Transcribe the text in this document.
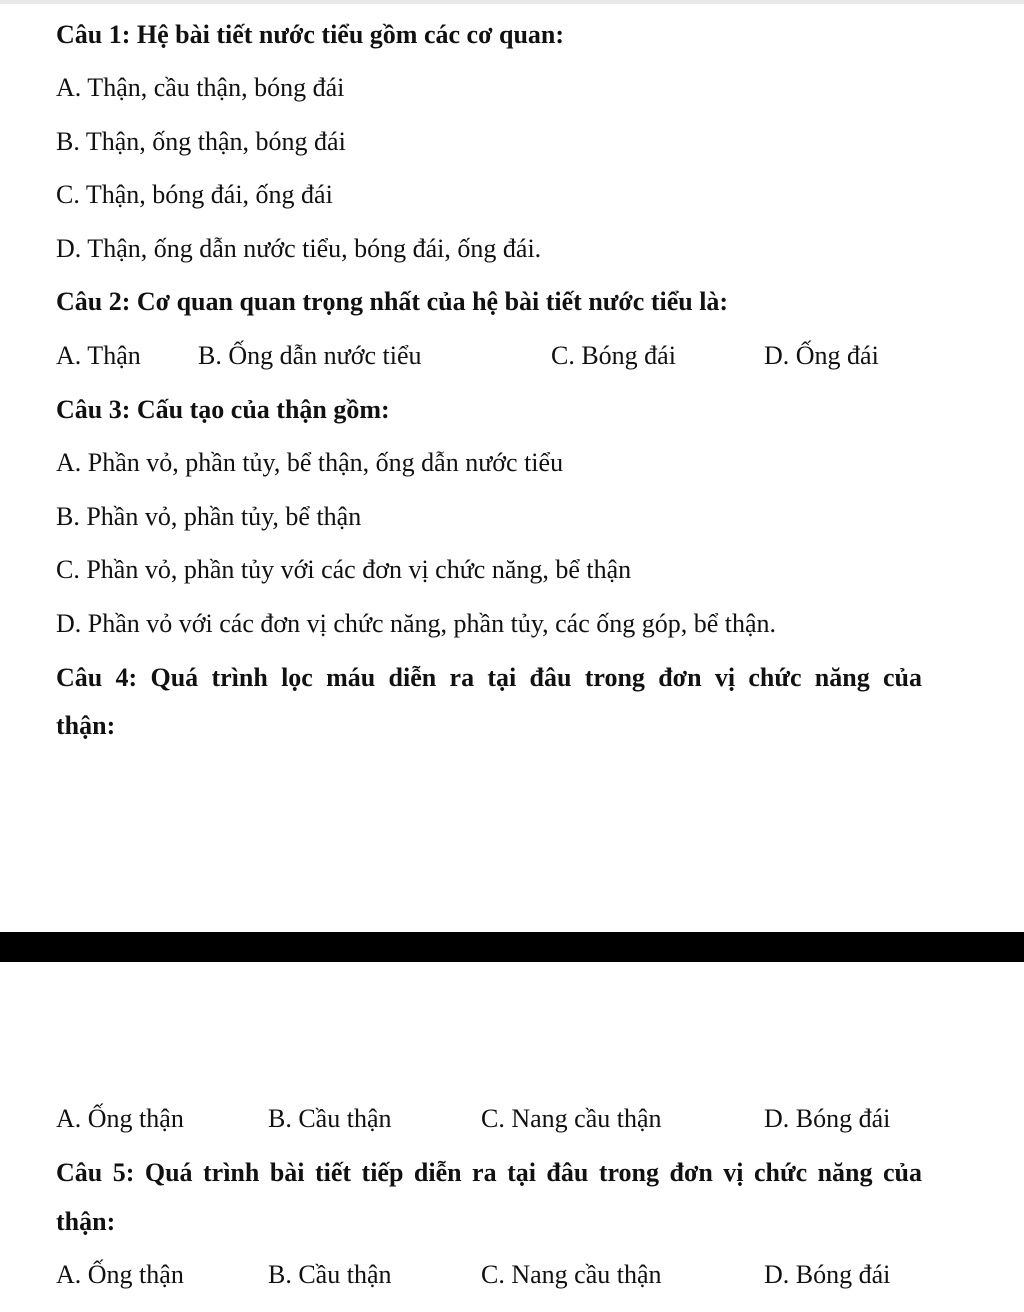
Câu 1: Hệ bài tiết nước tiểu gồm các cơ quan:
A. Thận, cầu thận, bóng đái
B. Thận, ống thận, bóng đái
C. Thận, bóng đái, ống đái
D. Thận, ống dẫn nước tiểu, bóng đái, ống đái.
Câu 2: Cơ quan quan trọng nhất của hệ bài tiết nước tiểu là:
A. Thận B. Ống dẫn nước tiểu	C. Bóng đái	D. Ống đái
Câu 3: Cấu tạo của thận gồm:
A. Phần vỏ, phần tủy, bể thận, ống dẫn nước tiểu
B. Phần vỏ, phần tủy, bể thận
C. Phần vỏ, phần tủy với các đơn vị chức năng, bể thận
D. Phần vỏ với các đơn vị chức năng, phần tủy, các ống góp, bể thận.
Câu 4: Quá trình lọc máu diễn ra tại đâu trong đơn vị chức năng của
thận:
A. Ống thận	B. Cầu thận	C. Nang cầu thận	D. Bóng đái
Câu 5: Quá trình bài tiết tiếp diễn ra tại đâu trong đơn vị chức năng của
thận:
A. Ống thận	B. Cầu thận	C. Nang cầu thận	D. Bóng đái
